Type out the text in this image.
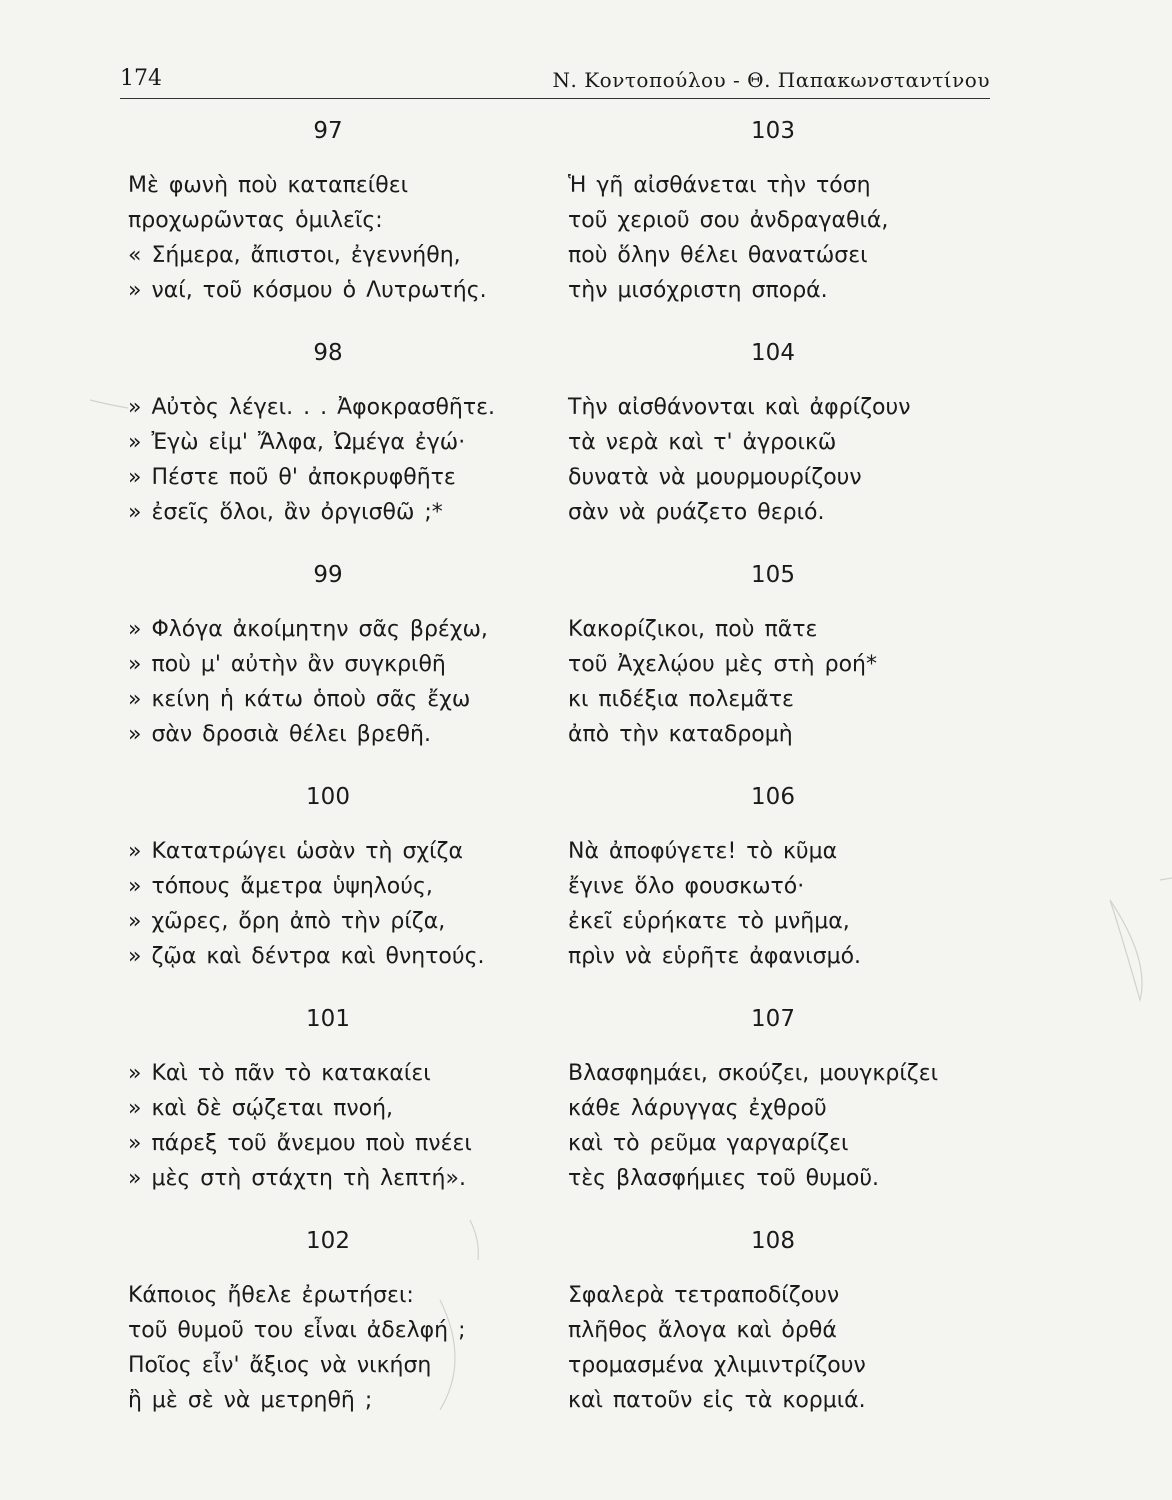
174	Ν. Κοντοπούλου - Θ. Παπακωνσταντίνου
97
Μὲ φωνὴ ποὺ καταπείθει
προχωρῶντας ὁμιλεῖς:
« Σήμερα, ἄπιστοι, ἐγεννήθη,
» ναί, τοῦ κόσμου ὁ Λυτρωτής.
98
» Αὐτὸς λέγει. . . Ἀφοκρασθῆτε.
» Ἐγὼ εἰμ' Ἄλφα, Ὠμέγα ἐγώ·
» Πέστε ποῦ θ' ἀποκρυφθῆτε
» ἐσεῖς ὅλοι, ἂν ὀργισθῶ ;*
99
» Φλόγα ἀκοίμητην σᾶς βρέχω,
» ποὺ μ' αὐτὴν ἂν συγκριθῆ
» κείνη ἡ κάτω ὁποὺ σᾶς ἔχω
» σὰν δροσιὰ θέλει βρεθῆ.
100
» Κατατρώγει ὡσὰν τὴ σχίζα
» τόπους ἄμετρα ὑψηλούς,
» χῶρες, ὄρη ἀπὸ τὴν ρίζα,
» ζῷα καὶ δέντρα καὶ θνητούς.
101
» Καὶ τὸ πᾶν τὸ κατακαίει
» καὶ δὲ σῴζεται πνοή,
» πάρεξ τοῦ ἄνεμου ποὺ πνέει
» μὲς στὴ στάχτη τὴ λεπτή».
102
Κάποιος ἤθελε ἐρωτήσει:
τοῦ θυμοῦ του εἶναι ἀδελφή ;
Ποῖος εἶν' ἄξιος νὰ νικήση
ἢ μὲ σὲ νὰ μετρηθῆ ;
103
Ἡ γῆ αἰσθάνεται τὴν τόση
τοῦ χεριοῦ σου ἀνδραγαθιά,
ποὺ ὅλην θέλει θανατώσει
τὴν μισόχριστη σπορά.
104
Τὴν αἰσθάνονται καὶ ἀφρίζουν
τὰ νερὰ καὶ τ' ἀγροικῶ
δυνατὰ νὰ μουρμουρίζουν
σὰν νὰ ρυάζετο θεριό.
105
Κακορίζικοι, ποὺ πᾶτε
τοῦ Ἀχελῴου μὲς στὴ ροή*
κι πιδέξια πολεμᾶτε
ἀπὸ τὴν καταδρομὴ
106
Νὰ ἀποφύγετε! τὸ κῦμα
ἔγινε ὅλο φουσκωτό·
ἐκεῖ εὑρήκατε τὸ μνῆμα,
πρὶν νὰ εὑρῆτε ἀφανισμό.
107
Βλασφημάει, σκούζει, μουγκρίζει
κάθε λάρυγγας ἐχθροῦ
καὶ τὸ ρεῦμα γαργαρίζει
τὲς βλασφήμιες τοῦ θυμοῦ.
108
Σφαλερὰ τετραποδίζουν
πλῆθος ἄλογα καὶ ὀρθά
τρομασμένα χλιμιντρίζουν
καὶ πατοῦν εἰς τὰ κορμιά.
